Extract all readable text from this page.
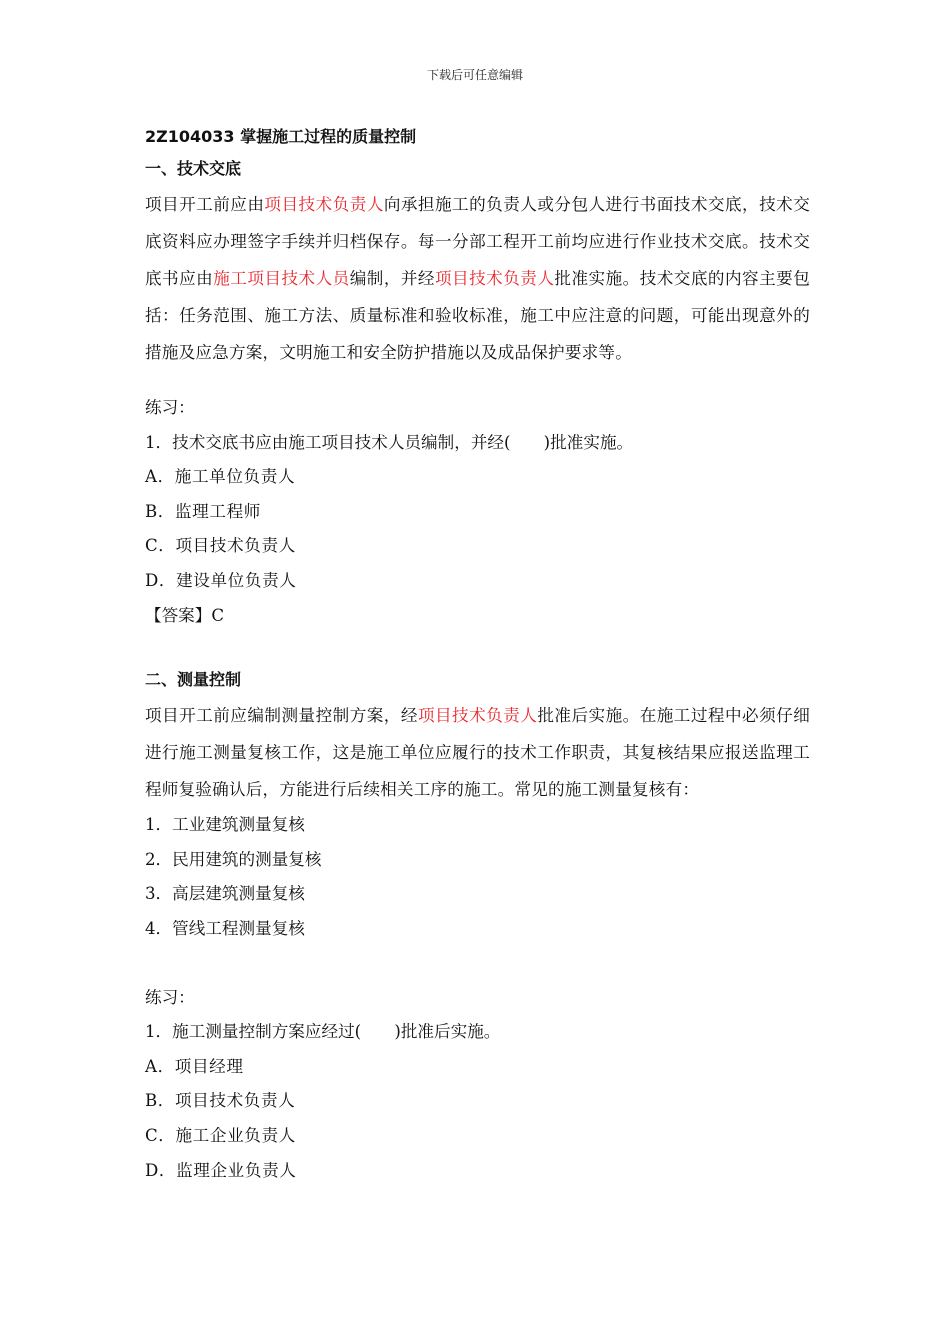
下载后可任意编辑

2Z104033 掌握施工过程的质量控制

一、技术交底

项目开工前应由项目技术负责人向承担施工的负责人或分包人进行书面技术交底，技术交底资料应办理签字手续并归档保存。每一分部工程开工前均应进行作业技术交底。技术交底书应由施工项目技术人员编制，并经项目技术负责人批准实施。技术交底的内容主要包括：任务范围、施工方法、质量标准和验收标准，施工中应注意的问题，可能出现意外的措施及应急方案，文明施工和安全防护措施以及成品保护要求等。

练习：

1．技术交底书应由施工项目技术人员编制，并经(　　)批准实施。

A．施工单位负责人

B．监理工程师

C．项目技术负责人

D．建设单位负责人

【答案】C

二、测量控制

项目开工前应编制测量控制方案，经项目技术负责人批准后实施。在施工过程中必须仔细进行施工测量复核工作，这是施工单位应履行的技术工作职责，其复核结果应报送监理工程师复验确认后，方能进行后续相关工序的施工。常见的施工测量复核有：

1．工业建筑测量复核

2．民用建筑的测量复核

3．高层建筑测量复核

4．管线工程测量复核

练习：

1．施工测量控制方案应经过(　　)批准后实施。

A．项目经理

B．项目技术负责人

C．施工企业负责人

D．监理企业负责人
